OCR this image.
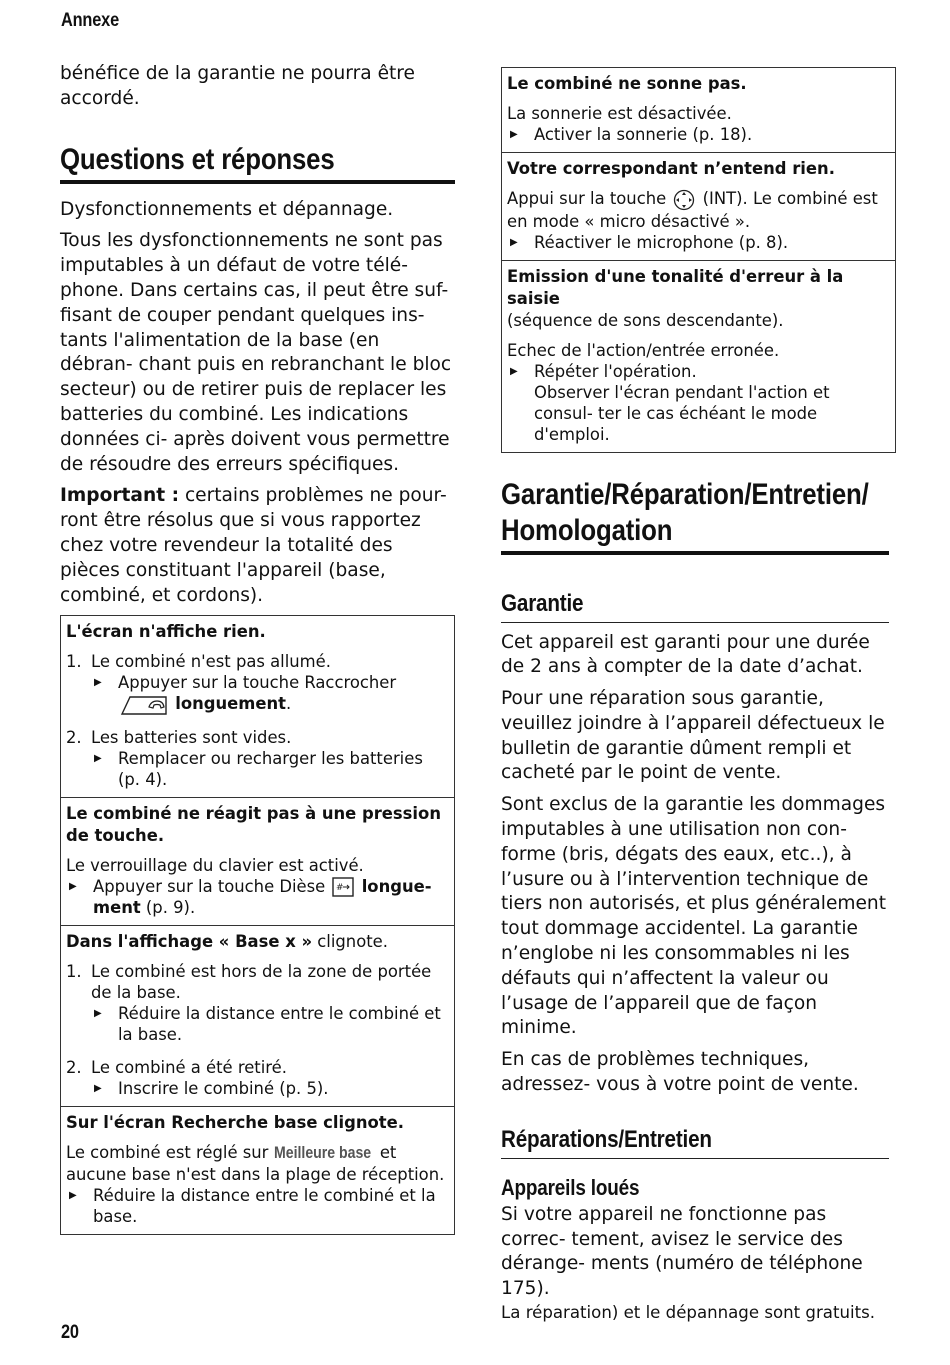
Annexe

bénéfice de la garantie ne pourra être accordé.

Questions et réponses

Dysfonctionnements et dépannage.

Tous les dysfonctionnements ne sont pas imputables à un défaut de votre télé- phone. Dans certains cas, il peut être suf- fisant de couper pendant quelques ins- tants l'alimentation de la base (en débran- chant puis en rebranchant le bloc secteur) ou de retirer puis de replacer les batteries du combiné. Les indications données ci- après doivent vous permettre de résoudre des erreurs spécifiques.

Important : certains problèmes ne pour- ront être résolus que si vous rapportez chez votre revendeur la totalité des pièces constituant l'appareil (base, combiné, et cordons).

L'écran n'affiche rien.
1. Le combiné n'est pas allumé.
▶
Appuyer sur la touche Raccrocher  longuement.
2. Les batteries sont vides.
▶
Remplacer ou recharger les batteries (p. 4).
Le combiné ne réagit pas à une pression de touche.
Le verrouillage du clavier est activé.
▶
Appuyer sur la touche Dièse # longue- ment (p. 9).
Dans l'affichage « Base x » clignote.
1. Le combiné est hors de la zone de portée de la base.
▶
Réduire la distance entre le combiné et la base.
2. Le combiné a été retiré.
▶
Inscrire le combiné (p. 5).
Sur l'écran Recherche base clignote.
Le combiné est réglé sur Meilleure base et aucune base n'est dans la plage de réception.
▶
Réduire la distance entre le combiné et la base.
Le combiné ne sonne pas.
La sonnerie est désactivée.
▶
Activer la sonnerie (p. 18).
Votre correspondant n’entend rien.
Appui sur la touche (INT). Le combiné est en mode « micro désactivé ».
▶
Réactiver le microphone (p. 8).
Emission d'une tonalité d'erreur à la saisie
(séquence de sons descendante).
Echec de l'action/entrée erronée.
▶
Répéter l'opération.
Observer l'écran pendant l'action et consul- ter le cas échéant le mode d'emploi.
Garantie/Réparation/Entretien/
Homologation
Garantie

Cet appareil est garanti pour une durée de 2 ans à compter de la date d’achat.

Pour une réparation sous garantie, veuillez joindre à l’appareil défectueux le bulletin de garantie dûment rempli et cacheté par le point de vente.

Sont exclus de la garantie les dommages imputables à une utilisation non con- forme (bris, dégats des eaux, etc..), à l’usure ou à l’intervention technique de tiers non autorisés, et plus généralement tout dommage accidentel. La garantie n’englobe ni les consommables ni les défauts qui n’affectent la valeur ou l’usage de l’appareil que de façon minime.

En cas de problèmes techniques, adressez- vous à votre point de vente.

Réparations/Entretien
Appareils loués

Si votre appareil ne fonctionne pas correc- tement, avisez le service des dérange- ments (numéro de téléphone 175).

La réparation) et le dépannage sont gratuits.

20
